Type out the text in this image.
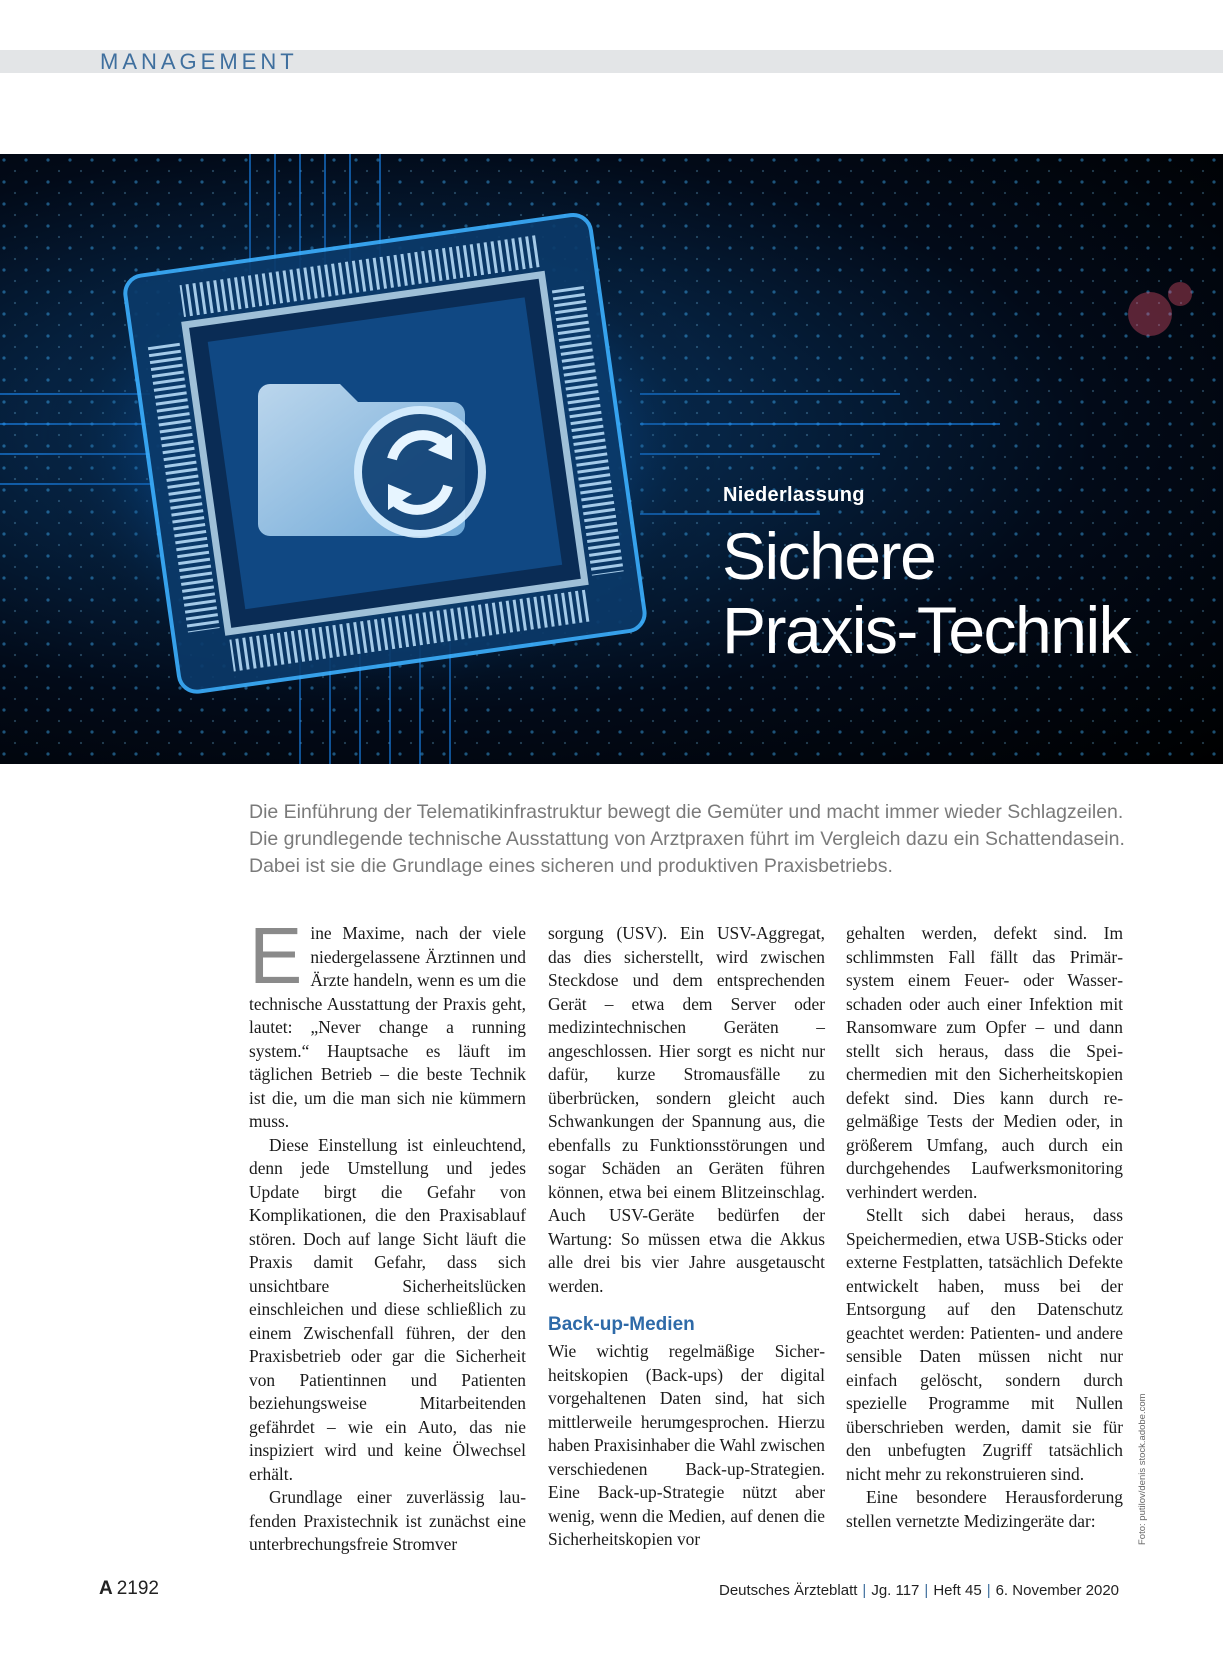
MANAGEMENT
Niederlassung
Sichere
Praxis-Technik
Die Einführung der Telematikinfrastruktur bewegt die Gemüter und macht immer wieder Schlagzeilen. Die grundlegende technische Ausstattung von Arztpraxen führt im Vergleich dazu ein Schattendasein. Dabei ist sie die Grundlage eines sicheren und produktiven Praxisbetriebs.
E ine Maxime, nach der viele niedergelassene Ärztinnen und Ärzte handeln, wenn es um die technische Ausstattung der Praxis geht, lautet: „Never change a running system.“ Hauptsache es läuft im täglichen Betrieb – die beste Technik ist die, um die man sich nie kümmern muss.

Diese Einstellung ist einleuchtend, denn jede Umstellung und jedes Update birgt die Gefahr von Komplikationen, die den Praxisablauf stören. Doch auf lange Sicht läuft die Praxis damit Gefahr, dass sich unsichtbare Sicherheitslücken einschleichen und diese schließlich zu einem Zwischenfall führen, der den Praxisbetrieb oder gar die Sicherheit von Patientinnen und Patienten beziehungsweise Mitarbeitenden gefährdet – wie ein Auto, das nie inspiziert wird und keine Ölwechsel erhält.

Grundlage einer zuverlässig laufenden Praxistechnik ist zunächst eine unterbrechungsfreie Stromver

sorgung (USV). Ein USV-Aggregat, das dies sicherstellt, wird zwischen Steckdose und dem entsprechenden Gerät – etwa dem Server oder medizintechnischen Geräten – angeschlossen. Hier sorgt es nicht nur dafür, kurze Stromausfälle zu überbrücken, sondern gleicht auch Schwankungen der Spannung aus, die ebenfalls zu Funktionsstörungen und sogar Schäden an Geräten führen können, etwa bei einem Blitzeinschlag. Auch USV-Geräte bedürfen der Wartung: So müssen etwa die Akkus alle drei bis vier Jahre ausgetauscht werden.

Back-up-Medien

Wie wichtig regelmäßige Sicherheitskopien (Back-ups) der digital vorgehaltenen Daten sind, hat sich mittlerweile herumgesprochen. Hierzu haben Praxisinhaber die Wahl zwischen verschiedenen Back-up-Strategien. Eine Back-up-Strategie nützt aber wenig, wenn die Medien, auf denen die Sicherheitskopien vor

gehalten werden, defekt sind. Im schlimmsten Fall fällt das Primärsystem einem Feuer- oder Wasserschaden oder auch einer Infektion mit Ransomware zum Opfer – und dann stellt sich heraus, dass die Speichermedien mit den Sicherheitskopien defekt sind. Dies kann durch regelmäßige Tests der Medien oder, in größerem Umfang, auch durch ein durchgehendes Laufwerksmonitoring verhindert werden.

Stellt sich dabei heraus, dass Speichermedien, etwa USB-Sticks oder externe Festplatten, tatsächlich Defekte entwickelt haben, muss bei der Entsorgung auf den Datenschutz geachtet werden: Patienten- und andere sensible Daten müssen nicht nur einfach gelöscht, sondern durch spezielle Programme mit Nullen überschrieben werden, damit sie für den unbefugten Zugriff tatsächlich nicht mehr zu rekonstruieren sind.

Eine besondere Herausforderung stellen vernetzte Medizingeräte dar:	Foto: putilov/denis stock.adobe.com
A 2192	Deutsches Ärzteblatt | Jg. 117 | Heft 45 | 6. November 2020
